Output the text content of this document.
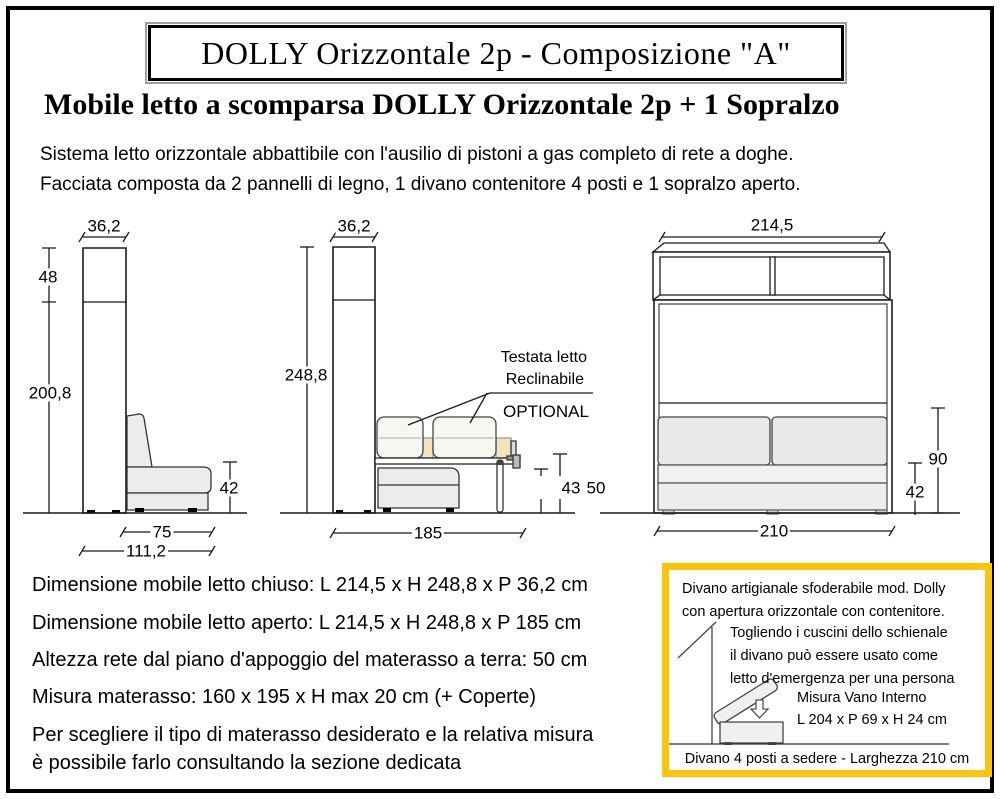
DOLLY Orizzontale 2p - Composizione "A"
Mobile letto a scomparsa DOLLY Orizzontale 2p + 1 Sopralzo
Sistema letto orizzontale abbattibile con l'ausilio di pistoni a gas completo di rete a doghe.
Facciata composta da 2 pannelli di legno, 1 divano contenitore 4 posti e 1 sopralzo aperto.
36,2
48
200,8
42
75
111,2
36,2
248,8
43 50
185
214,5
90
42
210
Testata letto
Reclinabile
OPTIONAL
Dimensione mobile letto chiuso: L 214,5 x H 248,8 x P 36,2 cm
Dimensione mobile letto aperto: L 214,5 x H 248,8 x P 185 cm
Altezza rete dal piano d'appoggio del materasso a terra: 50 cm
Misura materasso: 160 x 195 x H max 20 cm (+ Coperte)
Per scegliere il tipo di materasso desiderato e la relativa misura
è possibile farlo consultando la sezione dedicata
Divano artigianale sfoderabile mod. Dolly
con apertura orizzontale con contenitore.
Togliendo i cuscini dello schienale
il divano può essere usato come
letto d'emergenza per una persona
Misura Vano Interno
L 204 x P 69 x H 24 cm
Divano 4 posti a sedere - Larghezza 210 cm
